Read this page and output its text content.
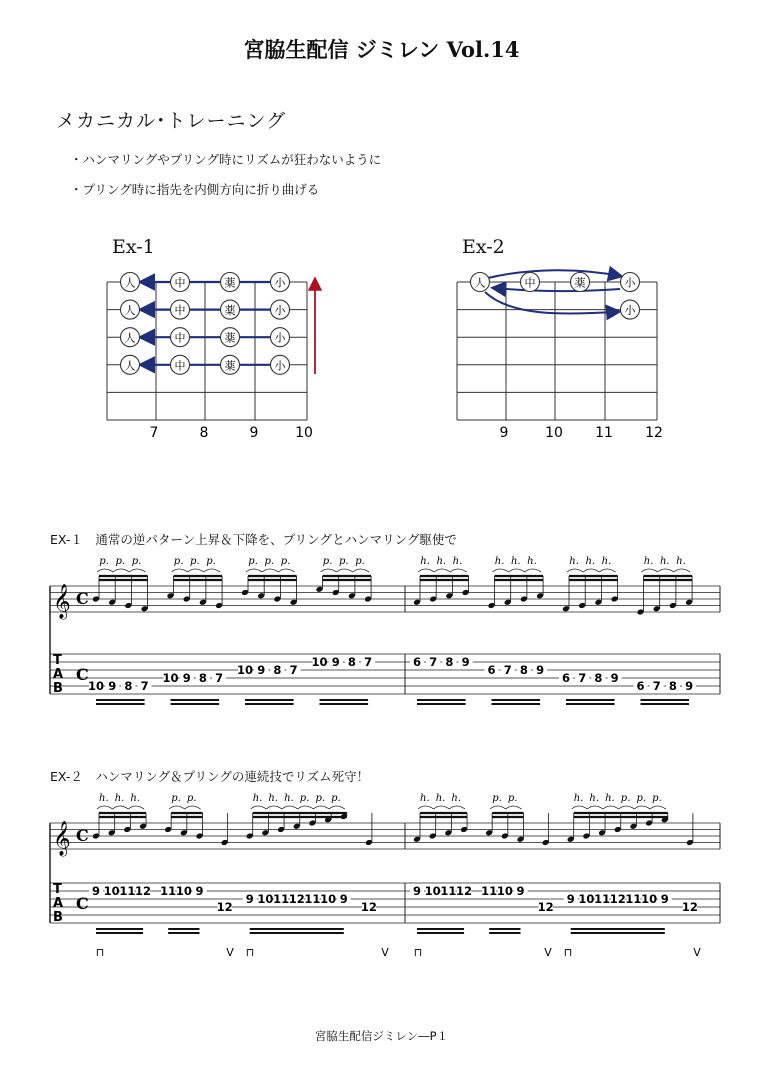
宮脇生配信 ジミレン Vol.14
メカニカル･トレーニング
・ハンマリングやプリング時にリズムが狂わないように
・プリング時に指先を内側方向に折り曲げる
Ex-1	Ex-2
人	中	薬	小
人	中	薬	小
人	中	薬	小
人	中	薬	小
7	8	9	10
人	中	薬	小
小
9	10 11 12
EX-１　通常の逆パターン上昇＆下降を、プリングとハンマリング駆使で
𝄞 C
C
T
A
B
p. p. p.
10 9 8 7
p. p. p.
10 9 8 7
p. p. p.
10 9 8 7
p. p. p.
10 9 8 7
h. h. h.
6 7 8 9
h. h. h.
6 7 8 9
h. h. h.
6 7 8 9
h. h. h.
6 7 8 9
EX-２　ハンマリング＆プリングの連続技でリズム死守！
𝄞 C
C
T
A
B
h. h. h.
9 10 11 12
p. p.
11 10 9
12
h. h. h. p. p. p.
9 10 11 12 11 10 9
12
h. h. h.
9 10 11 12
p. p.
11 10 9
12
h. h. h. p. p. p.
9 10 11 12 11 10 9
12
⊓	V ⊓	V ⊓	V ⊓	V
宮脇生配信ジミレン―P１
